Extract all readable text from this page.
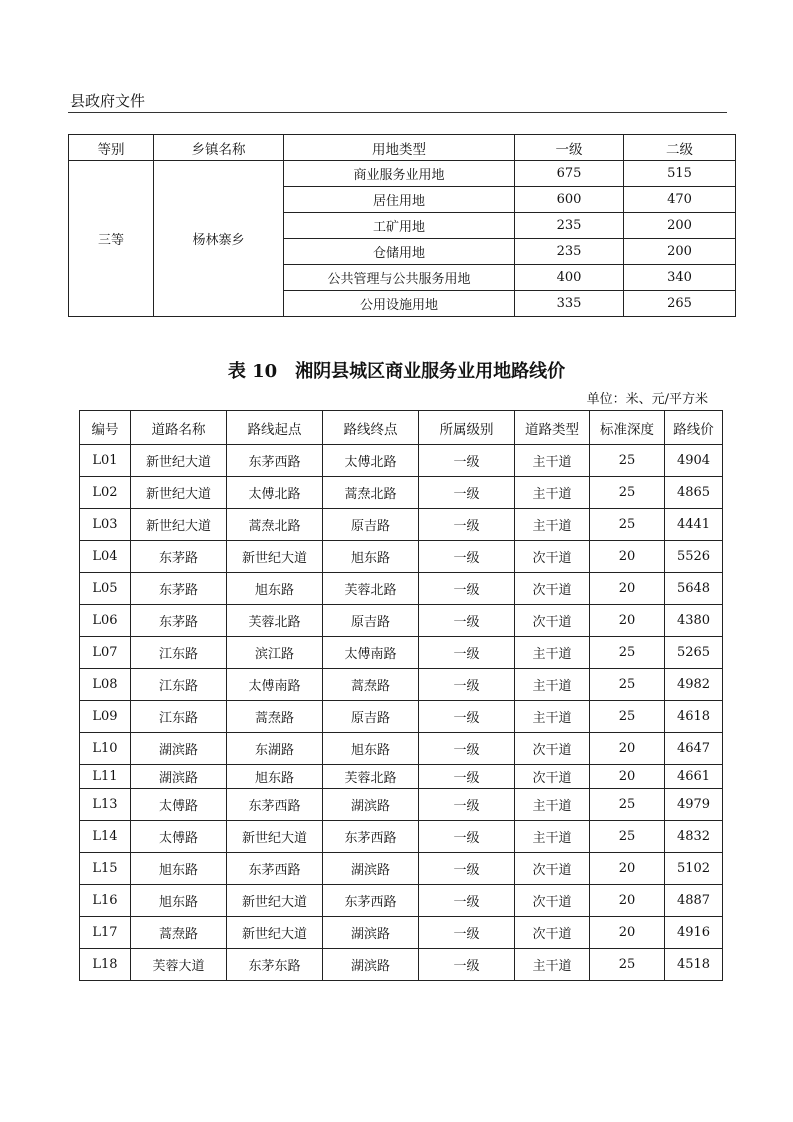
县政府文件
等别	乡镇名称	用地类型	一级	二级
三等	杨林寨乡	商业服务业用地	675	515
		居住用地	600	470
		工矿用地	235	200
		仓储用地	235	200
		公共管理与公共服务用地	400	340
		公用设施用地	335	265
表 10　湘阴县城区商业服务业用地路线价
单位：米、元/平方米
编号	道路名称	路线起点	路线终点	所属级别	道路类型	标准深度	路线价
L01	新世纪大道	东茅西路	太傅北路	一级	主干道	25	4904
L02	新世纪大道	太傅北路	蒿焘北路	一级	主干道	25	4865
L03	新世纪大道	蒿焘北路	原吉路	一级	主干道	25	4441
L04	东茅路	新世纪大道	旭东路	一级	次干道	20	5526
L05	东茅路	旭东路	芙蓉北路	一级	次干道	20	5648
L06	东茅路	芙蓉北路	原吉路	一级	次干道	20	4380
L07	江东路	滨江路	太傅南路	一级	主干道	25	5265
L08	江东路	太傅南路	蒿焘路	一级	主干道	25	4982
L09	江东路	蒿焘路	原吉路	一级	主干道	25	4618
L10	湖滨路	东湖路	旭东路	一级	次干道	20	4647
L11	湖滨路	旭东路	芙蓉北路	一级	次干道	20	4661
L13	太傅路	东茅西路	湖滨路	一级	主干道	25	4979
L14	太傅路	新世纪大道	东茅西路	一级	主干道	25	4832
L15	旭东路	东茅西路	湖滨路	一级	次干道	20	5102
L16	旭东路	新世纪大道	东茅西路	一级	次干道	20	4887
L17	蒿焘路	新世纪大道	湖滨路	一级	次干道	20	4916
L18	芙蓉大道	东茅东路	湖滨路	一级	主干道	25	4518
